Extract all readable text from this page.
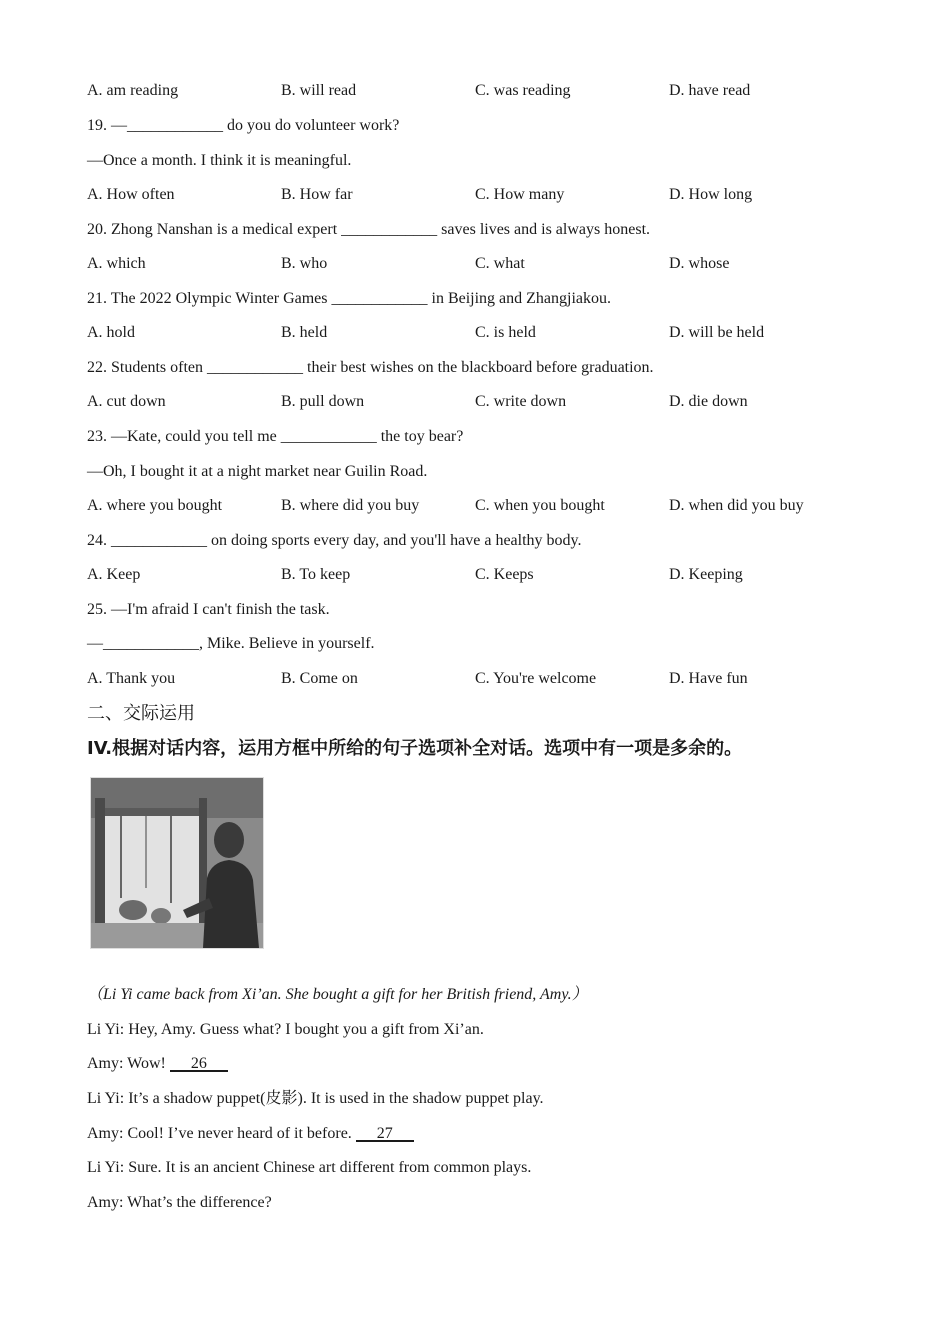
A. am reading	B. will read	C. was reading	D. have read
19. —____________ do you do volunteer work?
—Once a month. I think it is meaningful.
A. How often	B. How far	C. How many	D. How long
20. Zhong Nanshan is a medical expert ____________ saves lives and is always honest.
A. which	B. who	C. what	D. whose
21. The 2022 Olympic Winter Games ____________ in Beijing and Zhangjiakou.
A. hold	B. held	C. is held	D. will be held
22. Students often ____________ their best wishes on the blackboard before graduation.
A. cut down	B. pull down	C. write down	D. die down
23. —Kate, could you tell me ____________ the toy bear?
—Oh, I bought it at a night market near Guilin Road.
A. where you bought	B. where did you buy	C. when you bought	D. when did you buy
24. ____________ on doing sports every day, and you'll have a healthy body.
A. Keep	B. To keep	C. Keeps	D. Keeping
25. —I'm afraid I can't finish the task.
—____________, Mike. Believe in yourself.
A. Thank you	B. Come on	C. You're welcome	D. Have fun
二、交际运用
IV.根据对话内容，运用方框中所给的句子选项补全对话。选项中有一项是多余的。
（Li Yi came back from Xi’an. She bought a gift for her British friend, Amy.）
Li Yi: Hey, Amy. Guess what? I bought you a gift from Xi’an.
Amy: Wow! 26
Li Yi: It’s a shadow puppet(皮影). It is used in the shadow puppet play.
Amy: Cool! I’ve never heard of it before. 27
Li Yi: Sure. It is an ancient Chinese art different from common plays.
Amy: What’s the difference?
